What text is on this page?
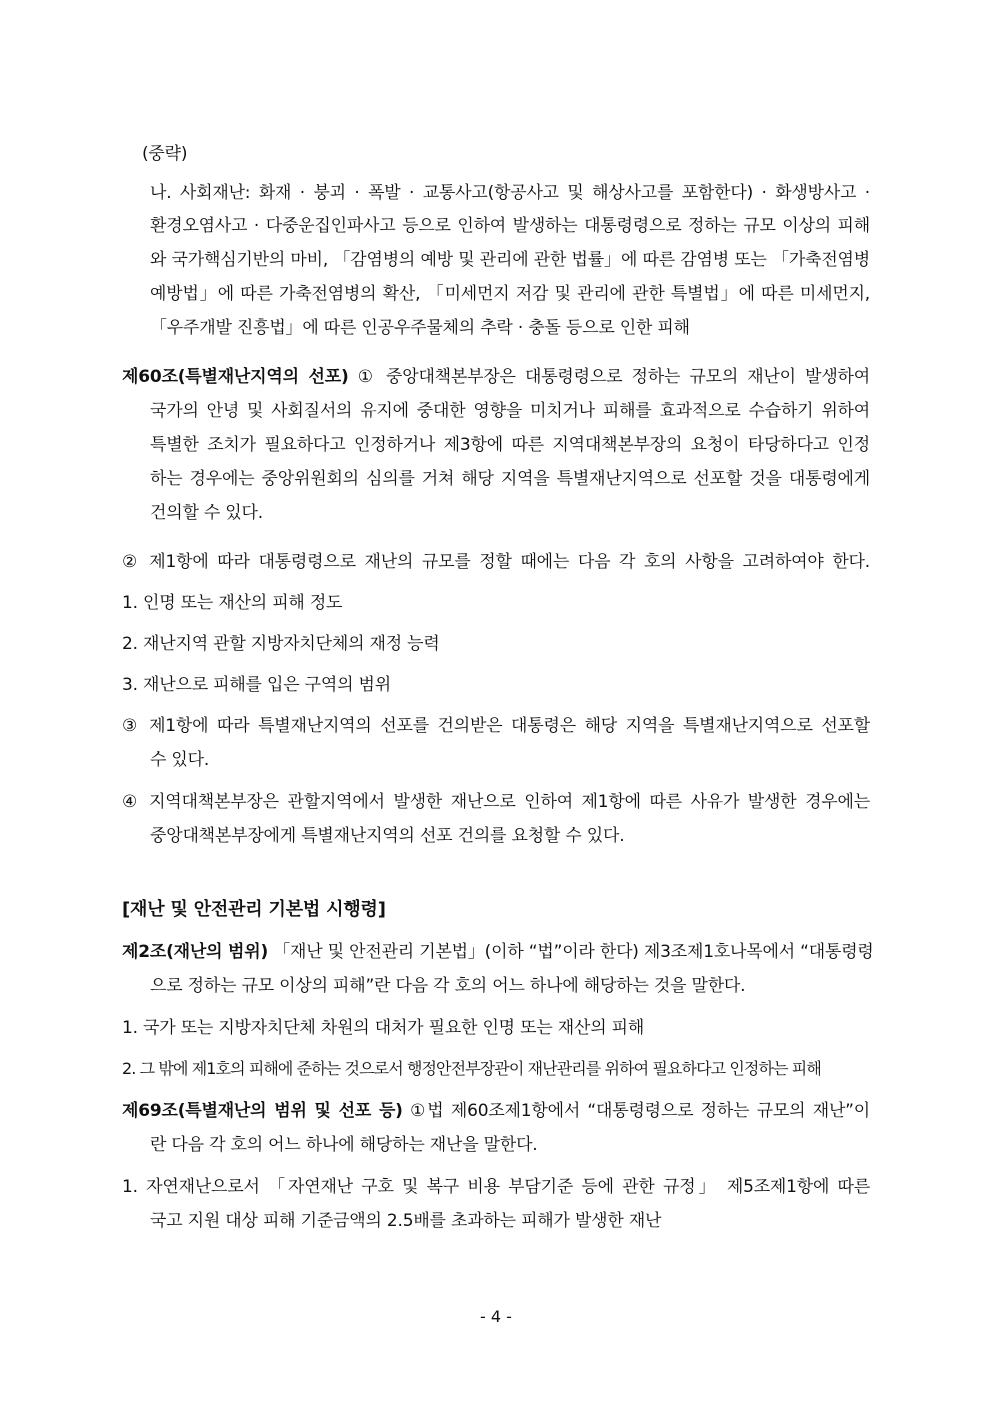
(중략)
나. 사회재난: 화재 · 붕괴 · 폭발 · 교통사고(항공사고 및 해상사고를 포함한다) · 화생방사고 ·
환경오염사고 · 다중운집인파사고 등으로 인하여 발생하는 대통령령으로 정하는 규모 이상의 피해
와 국가핵심기반의 마비, 「감염병의 예방 및 관리에 관한 법률」에 따른 감염병 또는 「가축전염병
예방법」에 따른 가축전염병의 확산, 「미세먼지 저감 및 관리에 관한 특별법」에 따른 미세먼지,
「우주개발 진흥법」에 따른 인공우주물체의 추락 · 충돌 등으로 인한 피해
제60조(특별재난지역의 선포) ① 중앙대책본부장은 대통령령으로 정하는 규모의 재난이 발생하여
국가의 안녕 및 사회질서의 유지에 중대한 영향을 미치거나 피해를 효과적으로 수습하기 위하여
특별한 조치가 필요하다고 인정하거나 제3항에 따른 지역대책본부장의 요청이 타당하다고 인정
하는 경우에는 중앙위원회의 심의를 거쳐 해당 지역을 특별재난지역으로 선포할 것을 대통령에게
건의할 수 있다.
② 제1항에 따라 대통령령으로 재난의 규모를 정할 때에는 다음 각 호의 사항을 고려하여야 한다.
1. 인명 또는 재산의 피해 정도
2. 재난지역 관할 지방자치단체의 재정 능력
3. 재난으로 피해를 입은 구역의 범위
③ 제1항에 따라 특별재난지역의 선포를 건의받은 대통령은 해당 지역을 특별재난지역으로 선포할
수 있다.
④ 지역대책본부장은 관할지역에서 발생한 재난으로 인하여 제1항에 따른 사유가 발생한 경우에는
중앙대책본부장에게 특별재난지역의 선포 건의를 요청할 수 있다.
[재난 및 안전관리 기본법 시행령]
제2조(재난의 범위) 「재난 및 안전관리 기본법」(이하 “법”이라 한다) 제3조제1호나목에서 “대통령령
으로 정하는 규모 이상의 피해”란 다음 각 호의 어느 하나에 해당하는 것을 말한다.
1. 국가 또는 지방자치단체 차원의 대처가 필요한 인명 또는 재산의 피해
2. 그 밖에 제1호의 피해에 준하는 것으로서 행정안전부장관이 재난관리를 위하여 필요하다고 인정하는 피해
제69조(특별재난의 범위 및 선포 등) ①법 제60조제1항에서 “대통령령으로 정하는 규모의 재난”이
란 다음 각 호의 어느 하나에 해당하는 재난을 말한다.
1. 자연재난으로서 「자연재난 구호 및 복구 비용 부담기준 등에 관한 규정」 제5조제1항에 따른
국고 지원 대상 피해 기준금액의 2.5배를 초과하는 피해가 발생한 재난
- 4 -
